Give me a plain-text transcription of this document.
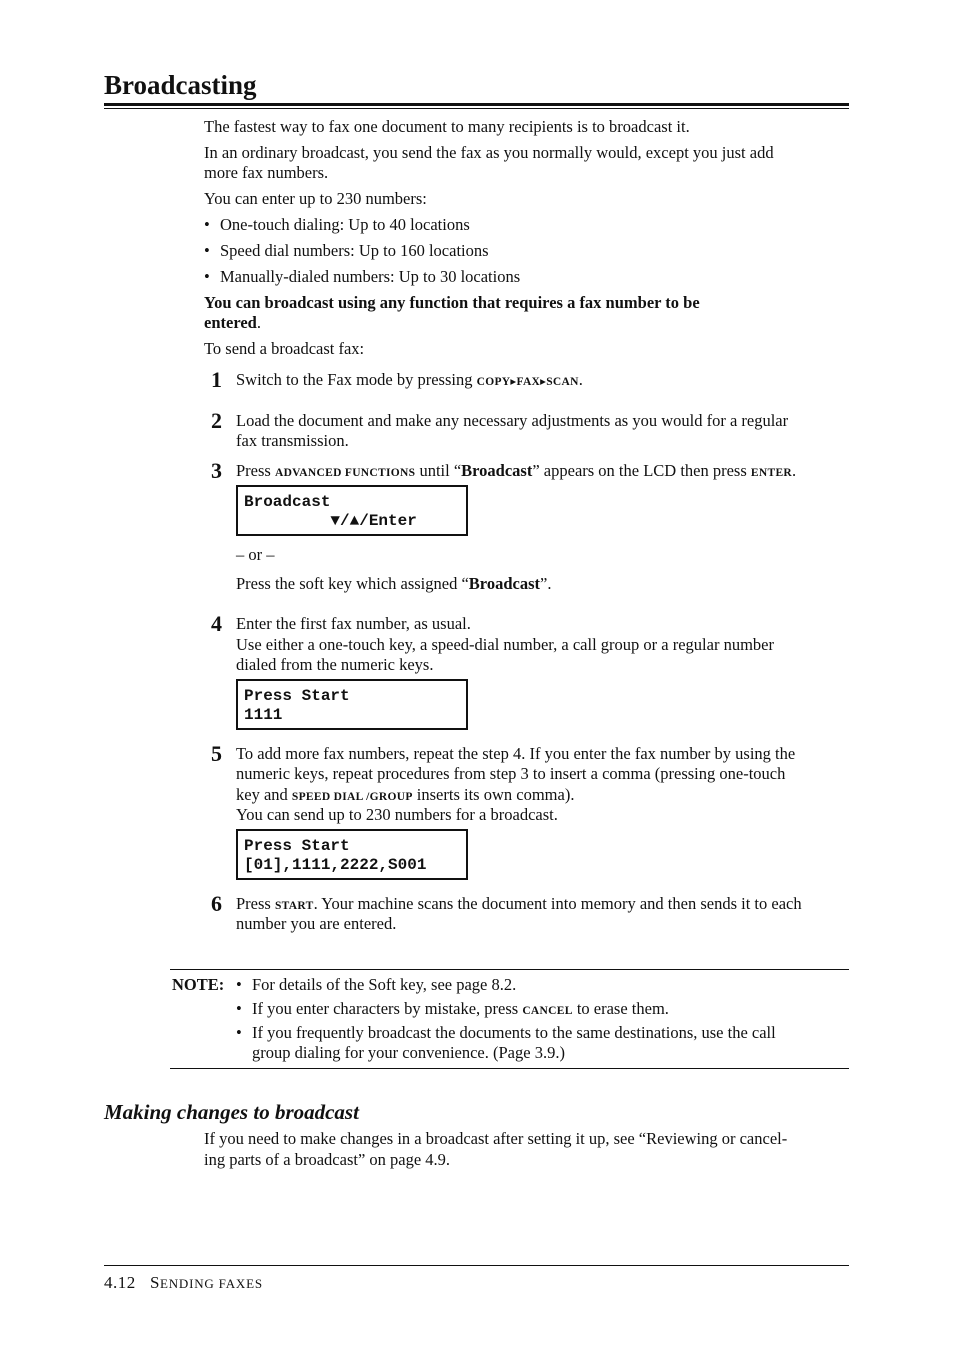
Broadcasting

The fastest way to fax one document to many recipients is to broadcast it.

In an ordinary broadcast, you send the fax as you normally would, except you just add

more fax numbers.

You can enter up to 230 numbers:

• One-touch dialing: Up to 40 locations
• Speed dial numbers: Up to 160 locations
• Manually-dialed numbers: Up to 30 locations

You can broadcast using any function that requires a fax number to be

entered.

To send a broadcast fax:

1 Switch to the Fax mode by pressing COPY▸FAX▸SCAN.

2 Load the document and make any necessary adjustments as you would for a regular

fax transmission.

3 Press ADVANCED FUNCTIONS until “Broadcast” appears on the LCD then press ENTER.

Broadcast
▼/▲/Enter

– or –

Press the soft key which assigned “Broadcast”.

4 Enter the first fax number, as usual.

Use either a one-touch key, a speed-dial number, a call group or a regular number

dialed from the numeric keys.

Press Start
1111
5 To add more fax numbers, repeat the step 4. If you enter the fax number by using the

numeric keys, repeat procedures from step 3 to insert a comma (pressing one-touch

key and SPEED DIAL /GROUP inserts its own comma).

You can send up to 230 numbers for a broadcast.

Press Start
[01],1111,2222,S001
6 Press START. Your machine scans the document into memory and then sends it to each

number you are entered.

NOTE: • For details of the Soft key, see page 8.2.
• If you enter characters by mistake, press CANCEL to erase them.
• If you frequently broadcast the documents to the same destinations, use the call

group dialing for your convenience. (Page 3.9.)

Making changes to broadcast

If you need to make changes in a broadcast after setting it up, see “Reviewing or cancel-

ing parts of a broadcast” on page 4.9.

4.12 SENDING FAXES
